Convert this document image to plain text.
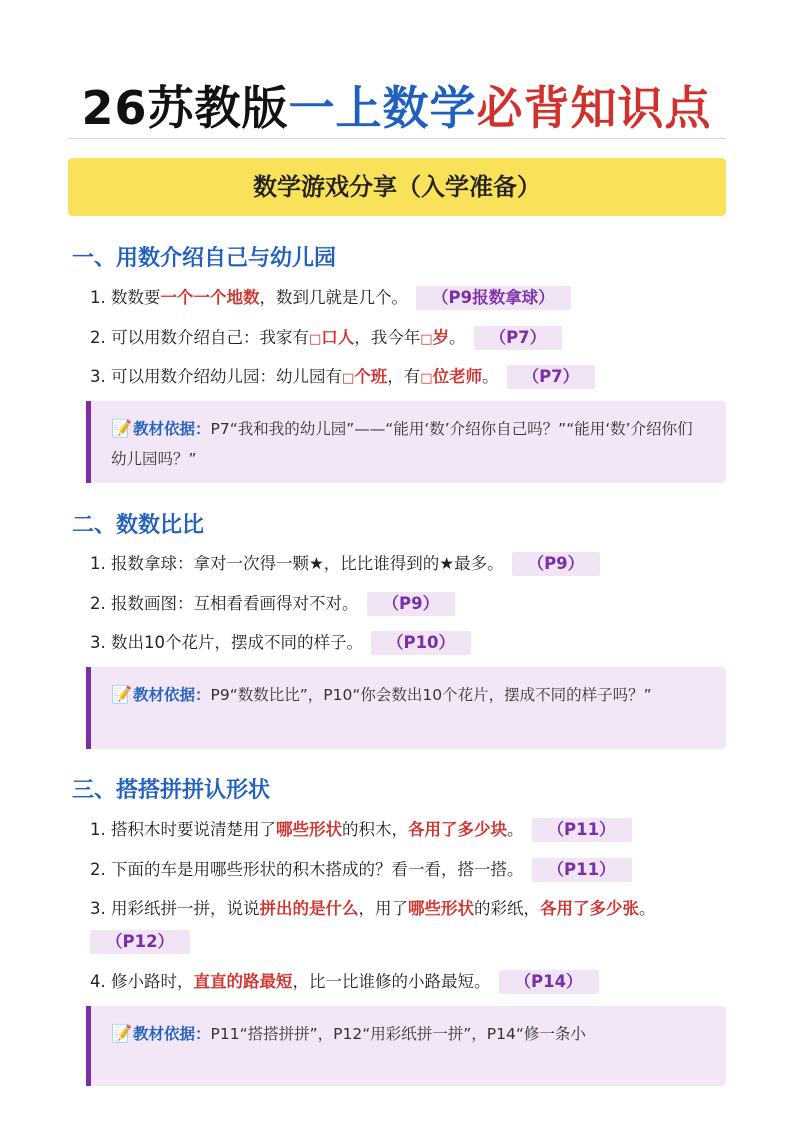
26苏教版一上数学必背知识点
数学游戏分享（入学准备）
一、用数介绍自己与幼儿园
1. 数数要一个一个地数，数到几就是几个。 （P9报数拿球）
2. 可以用数介绍自己：我家有□口人，我今年□岁。 （P7）
3. 可以用数介绍幼儿园：幼儿园有□个班，有□位老师。 （P7）
📝教材依据：P7“我和我的幼儿园”——“能用‘数’介绍你自己吗？”“能用‘数’介绍你们幼儿园吗？”
二、数数比比
1. 报数拿球：拿对一次得一颗★，比比谁得到的★最多。 （P9）
2. 报数画图：互相看看画得对不对。 （P9）
3. 数出10个花片，摆成不同的样子。 （P10）
📝教材依据：P9“数数比比”，P10“你会数出10个花片，摆成不同的样子吗？”
三、搭搭拼拼认形状
1. 搭积木时要说清楚用了哪些形状的积木，各用了多少块。 （P11）
2. 下面的车是用哪些形状的积木搭成的？看一看，搭一搭。 （P11）
3. 用彩纸拼一拼，说说拼出的是什么，用了哪些形状的彩纸，各用了多少张。
（P12）
4. 修小路时，直直的路最短，比一比谁修的小路最短。 （P14）
📝教材依据：P11“搭搭拼拼”，P12“用彩纸拼一拼”，P14“修一条小
